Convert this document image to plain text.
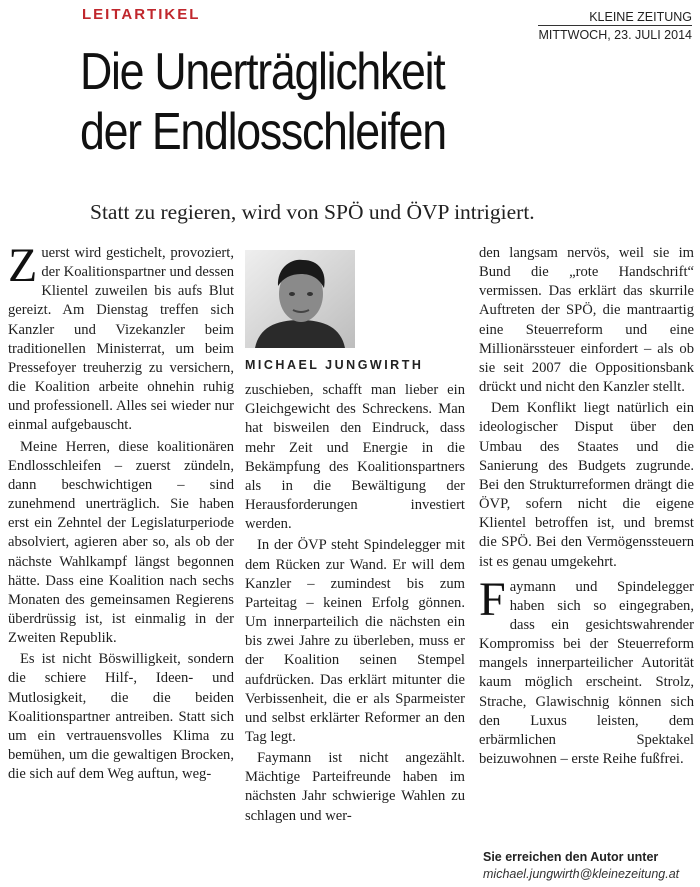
LEITARTIKEL	KLEINE ZEITUNG
MITTWOCH, 23. JULI 2014
Die Unerträglichkeit
der Endlosschleifen
Statt zu regieren, wird von SPÖ und ÖVP intrigiert.

Zuerst wird gestichelt, provoziert, der Koalitionspartner und dessen Klientel zuweilen bis aufs Blut gereizt. Am Dienstag treffen sich Kanzler und Vizekanzler beim traditionellen Ministerrat, um beim Pressefoyer treuherzig zu versichern, die Koalition arbeite ohnehin ruhig und professionell. Alles sei wieder nur einmal aufgebauscht.

Meine Herren, diese koalitionären Endlosschleifen – zuerst zündeln, dann beschwichtigen – sind zunehmend unerträglich. Sie haben erst ein Zehntel der Legislaturperiode absolviert, agieren aber so, als ob der nächste Wahlkampf längst begonnen hätte. Dass eine Koalition nach sechs Monaten des gemeinsamen Regierens überdrüssig ist, ist einmalig in der Zweiten Republik.

Es ist nicht Böswilligkeit, sondern die schiere Hilf-, Ideen- und Mutlosigkeit, die die beiden Koalitionspartner antreiben. Statt sich um ein vertrauensvolles Klima zu bemühen, um die gewaltigen Brocken, die sich auf dem Weg auftun, weg-

MICHAEL JUNGWIRTH

zuschieben, schafft man lieber ein Gleichgewicht des Schreckens. Man hat bisweilen den Eindruck, dass mehr Zeit und Energie in die Bekämpfung des Koalitionspartners als in die Bewältigung der Herausforderungen investiert werden.

In der ÖVP steht Spindelegger mit dem Rücken zur Wand. Er will dem Kanzler – zumindest bis zum Parteitag – keinen Erfolg gönnen. Um innerparteilich die nächsten ein bis zwei Jahre zu überleben, muss er der Koalition seinen Stempel aufdrücken. Das erklärt mitunter die Verbissenheit, die er als Sparmeister und selbst erklärter Reformer an den Tag legt.

Faymann ist nicht angezählt. Mächtige Parteifreunde haben im nächsten Jahr schwierige Wahlen zu schlagen und wer-

den langsam nervös, weil sie im Bund die „rote Handschrift“ vermissen. Das erklärt das skurrile Auftreten der SPÖ, die mantraartig eine Steuerreform und eine Millionärssteuer einfordert – als ob sie seit 2007 die Oppositionsbank drückt und nicht den Kanzler stellt.

Dem Konflikt liegt natürlich ein ideologischer Disput über den Umbau des Staates und die Sanierung des Budgets zugrunde. Bei den Strukturreformen drängt die ÖVP, sofern nicht die eigene Klientel betroffen ist, und bremst die SPÖ. Bei den Vermögenssteuern ist es genau umgekehrt.

Faymann und Spindelegger haben sich so eingegraben, dass ein gesichtswahrender Kompromiss bei der Steuerreform mangels innerparteilicher Autorität kaum möglich erscheint. Strolz, Strache, Glawischnig können sich den Luxus leisten, dem erbärmlichen Spektakel beizuwohnen – erste Reihe fußfrei.

Sie erreichen den Autor unter
michael.jungwirth@kleinezeitung.at
